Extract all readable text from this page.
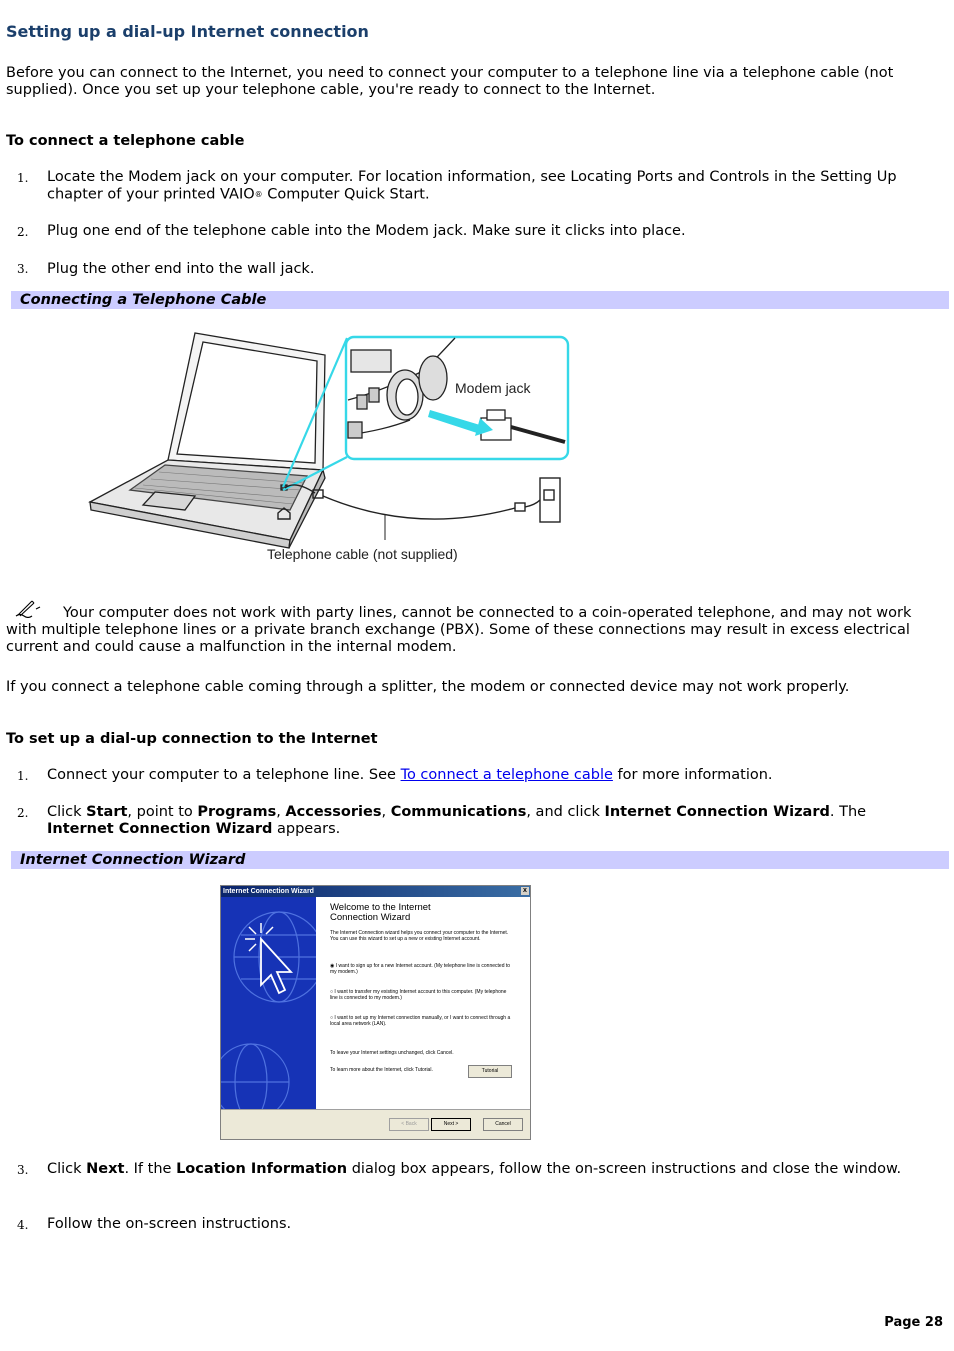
Setting up a dial-up Internet connection

Before you can connect to the Internet, you need to connect your computer to a telephone line via a telephone cable (not supplied). Once you set up your telephone cable, you're ready to connect to the Internet.

To connect a telephone cable
1. Locate the Modem jack on your computer. For location information, see Locating Ports and Controls in the Setting Up chapter of your printed VAIO® Computer Quick Start.

2. Plug one end of the telephone cable into the Modem jack. Make sure it clicks into place.

3. Plug the other end into the wall jack.

Connecting a Telephone Cable
Modem jack
Telephone cable (not supplied)

Your computer does not work with party lines, cannot be connected to a coin-operated telephone, and may not work with multiple telephone lines or a private branch exchange (PBX). Some of these connections may result in excess electrical current and could cause a malfunction in the internal modem.

If you connect a telephone cable coming through a splitter, the modem or connected device may not work properly.

To set up a dial-up connection to the Internet
1. Connect your computer to a telephone line. See To connect a telephone cable for more information.

2. Click Start, point to Programs, Accessories, Communications, and click Internet Connection Wizard. The
Internet Connection Wizard appears.

Internet Connection Wizard
Internet Connection Wizard	x
Welcome to the Internet Connection Wizard
The Internet Connection wizard helps you connect your computer to the Internet. You can use this wizard to set up a new or existing Internet account.
◉ I want to sign up for a new Internet account. (My telephone line is connected to my modem.)
○ I want to transfer my existing Internet account to this computer. (My telephone line is connected to my modem.)
○ I want to set up my Internet connection manually, or I want to connect through a local area network (LAN).
To leave your Internet settings unchanged, click Cancel.
To learn more about the Internet, click Tutorial.	Tutorial
< Back	Next >	Cancel
3. Click Next. If the Location Information dialog box appears, follow the on-screen instructions and close the window.

4. Follow the on-screen instructions.

Page 28
